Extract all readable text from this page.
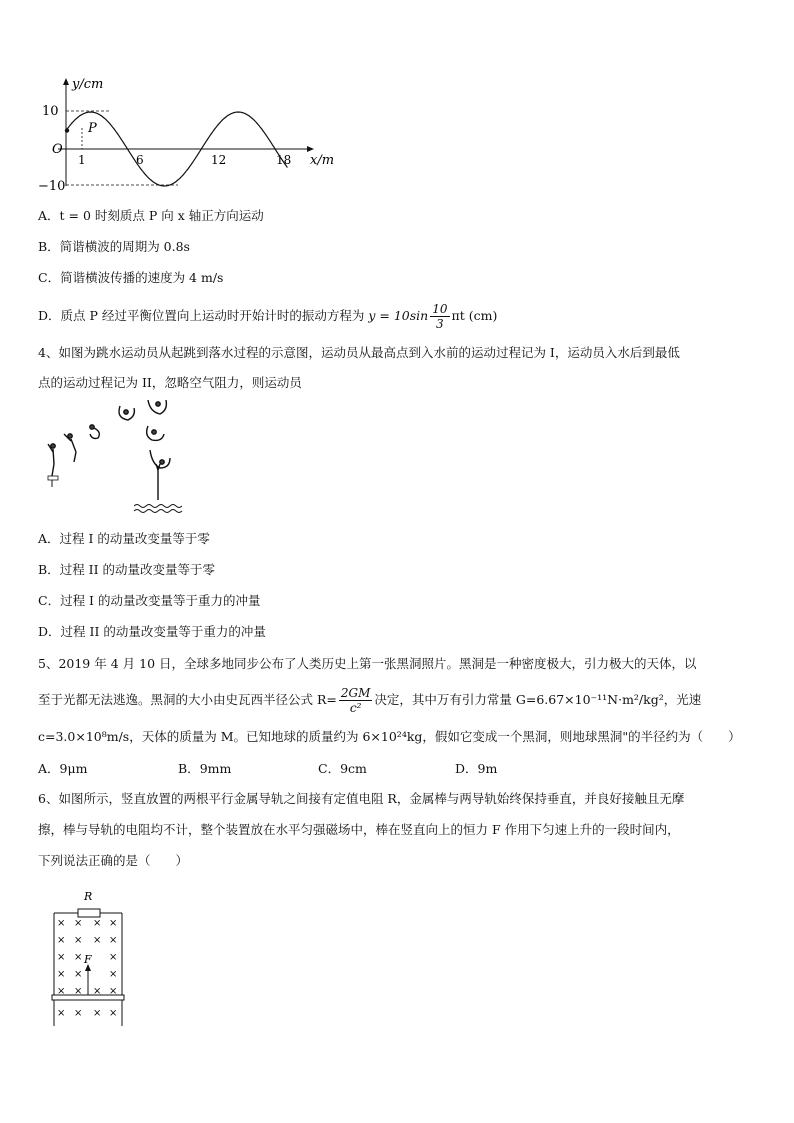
y/cm
10
−10
O
P
1	6	12	18 x/m
A．t = 0 时刻质点 P 向 x 轴正方向运动
B．简谐横波的周期为 0.8s
C．简谐横波传播的速度为 4 m/s
D．质点 P 经过平衡位置向上运动时开始计时的振动方程为 $y = 10\sin \frac{10}{3}$ πt (cm)
4、如图为跳水运动员从起跳到落水过程的示意图，运动员从最高点到入水前的运动过程记为 I，运动员入水后到最低
点的运动过程记为 II，忽略空气阻力，则运动员
A．过程 I 的动量改变量等于零
B．过程 II 的动量改变量等于零
C．过程 I 的动量改变量等于重力的冲量
D．过程 II 的动量改变量等于重力的冲量
5、2019 年 4 月 10 日，全球多地同步公布了人类历史上第一张黑洞照片。黑洞是一种密度极大，引力极大的天体，以
至于光都无法逃逸。黑洞的大小由史瓦西半径公式 $R= \frac{2GM}{\text{c²}}$ 决定，其中万有引力常量 G=6.67×10⁻¹¹N·m²/kg²，光速
c=3.0×10⁸m/s，天体的质量为 M。已知地球的质量约为 6×10²⁴kg，假如它变成一个黑洞，则地球黑洞"的半径约为（　　）
A．9μm	B．9mm	C．9cm	D．9m
6、如图所示，竖直放置的两根平行金属导轨之间接有定值电阻 R，金属棒与两导轨始终保持垂直，并良好接触且无摩
擦，棒与导轨的电阻均不计，整个装置放在水平匀强磁场中，棒在竖直向上的恒力 F 作用下匀速上升的一段时间内，
下列说法正确的是（　　）
R
F
× × × ×
× × × ×
× ×	×
× ×	×
× × × ×
× × × ×
